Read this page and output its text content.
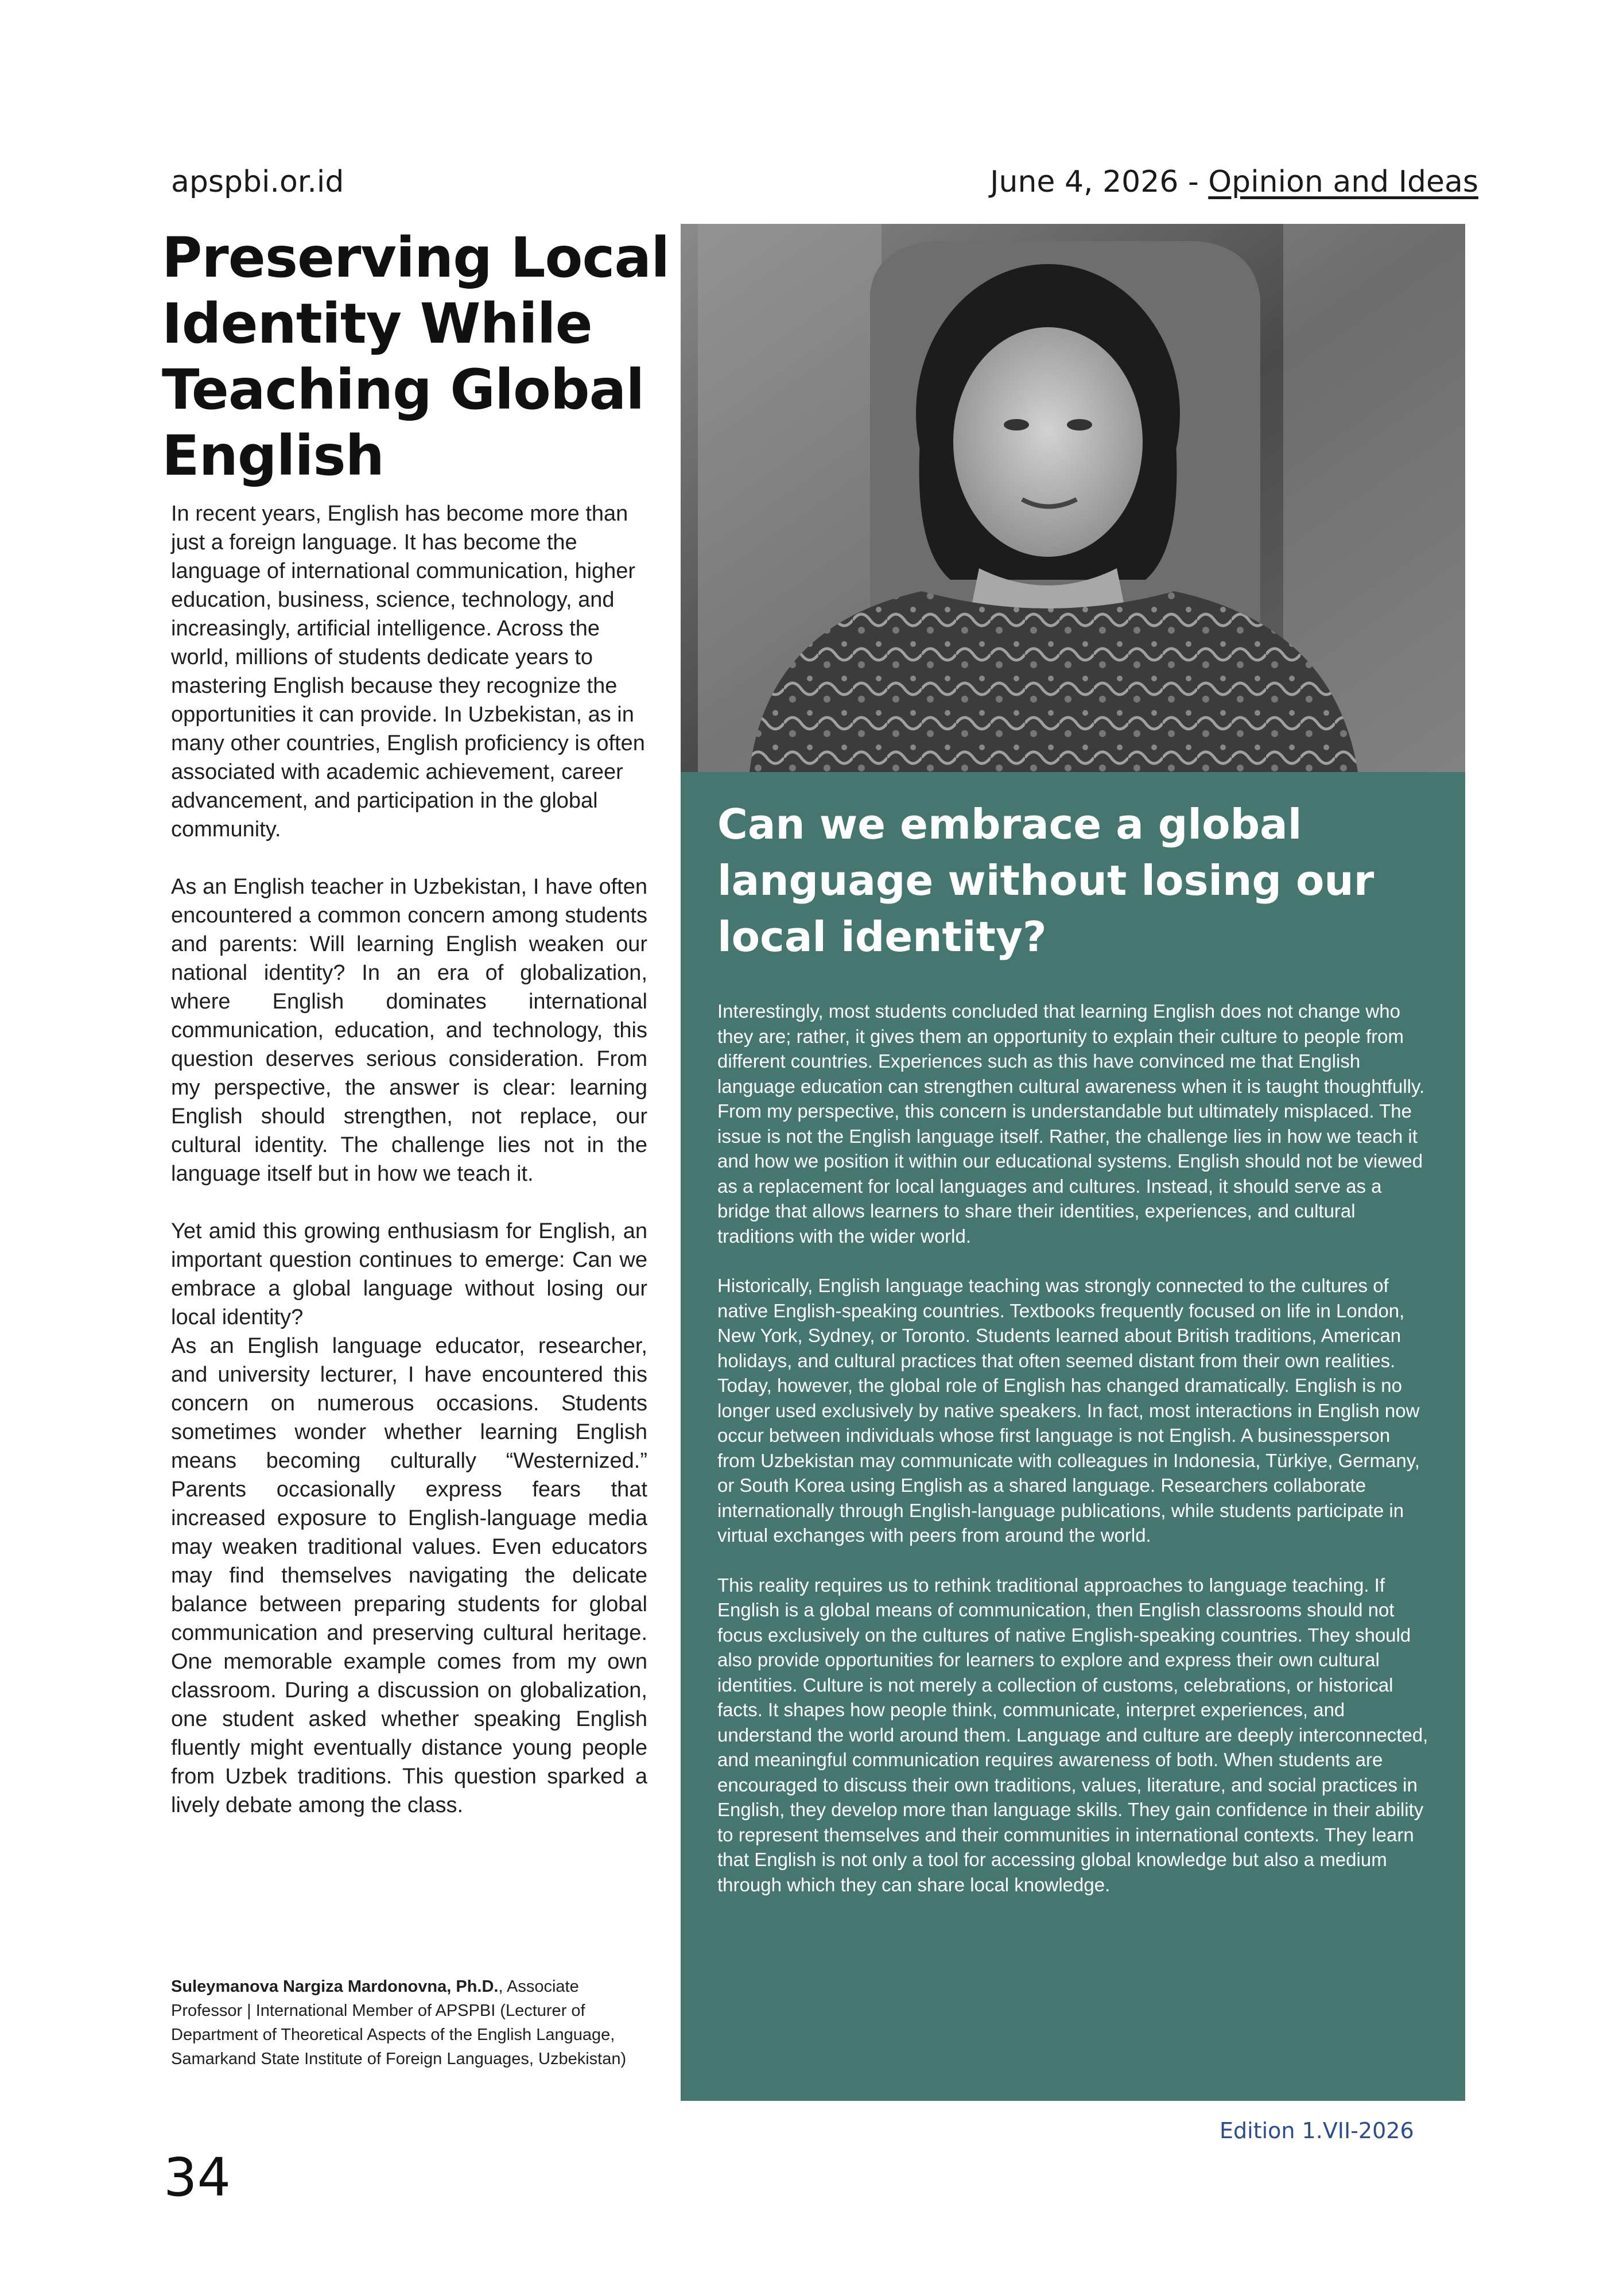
apspbi.or.id	June 4, 2026 - Opinion and Ideas
Preserving Local Identity While Teaching Global English

In recent years, English has become more than just a foreign language. It has become the language of international communication, higher education, business, science, technology, and increasingly, artificial intelligence. Across the world, millions of students dedicate years to mastering English because they recognize the opportunities it can provide. In Uzbekistan, as in many other countries, English proficiency is often associated with academic achievement, career advancement, and participation in the global community.

As an English teacher in Uzbekistan, I have often encountered a common concern among students and parents: Will learning English weaken our national identity? In an era of globalization, where English dominates international communication, education, and technology, this question deserves serious consideration. From my perspective, the answer is clear: learning English should strengthen, not replace, our cultural identity. The challenge lies not in the language itself but in how we teach it.

Yet amid this growing enthusiasm for English, an important question continues to emerge: Can we embrace a global language without losing our local identity?

As an English language educator, researcher, and university lecturer, I have encountered this concern on numerous occasions. Students sometimes wonder whether learning English means becoming culturally “Westernized.” Parents occasionally express fears that increased exposure to English-language media may weaken traditional values. Even educators may find themselves navigating the delicate balance between preparing students for global communication and preserving cultural heritage. One memorable example comes from my own classroom. During a discussion on globalization, one student asked whether speaking English fluently might eventually distance young people from Uzbek traditions. This question sparked a lively debate among the class.

Suleymanova Nargiza Mardonovna, Ph.D., Associate Professor | International Member of APSPBI (Lecturer of Department of Theoretical Aspects of the English Language, Samarkand State Institute of Foreign Languages, Uzbekistan)
Can we embrace a global language without losing our local identity?

Interestingly, most students concluded that learning English does not change who they are; rather, it gives them an opportunity to explain their culture to people from different countries. Experiences such as this have convinced me that English language education can strengthen cultural awareness when it is taught thoughtfully. From my perspective, this concern is understandable but ultimately misplaced. The issue is not the English language itself. Rather, the challenge lies in how we teach it and how we position it within our educational systems. English should not be viewed as a replacement for local languages and cultures. Instead, it should serve as a bridge that allows learners to share their identities, experiences, and cultural traditions with the wider world.

Historically, English language teaching was strongly connected to the cultures of native English-speaking countries. Textbooks frequently focused on life in London, New York, Sydney, or Toronto. Students learned about British traditions, American holidays, and cultural practices that often seemed distant from their own realities. Today, however, the global role of English has changed dramatically. English is no longer used exclusively by native speakers. In fact, most interactions in English now occur between individuals whose first language is not English. A businessperson from Uzbekistan may communicate with colleagues in Indonesia, Türkiye, Germany, or South Korea using English as a shared language. Researchers collaborate internationally through English-language publications, while students participate in virtual exchanges with peers from around the world.

This reality requires us to rethink traditional approaches to language teaching. If English is a global means of communication, then English classrooms should not focus exclusively on the cultures of native English-speaking countries. They should also provide opportunities for learners to explore and express their own cultural identities. Culture is not merely a collection of customs, celebrations, or historical facts. It shapes how people think, communicate, interpret experiences, and understand the world around them. Language and culture are deeply interconnected, and meaningful communication requires awareness of both. When students are encouraged to discuss their own traditions, values, literature, and social practices in English, they develop more than language skills. They gain confidence in their ability to represent themselves and their communities in international contexts. They learn that English is not only a tool for accessing global knowledge but also a medium through which they can share local knowledge.

Edition 1.VII-2026
34
